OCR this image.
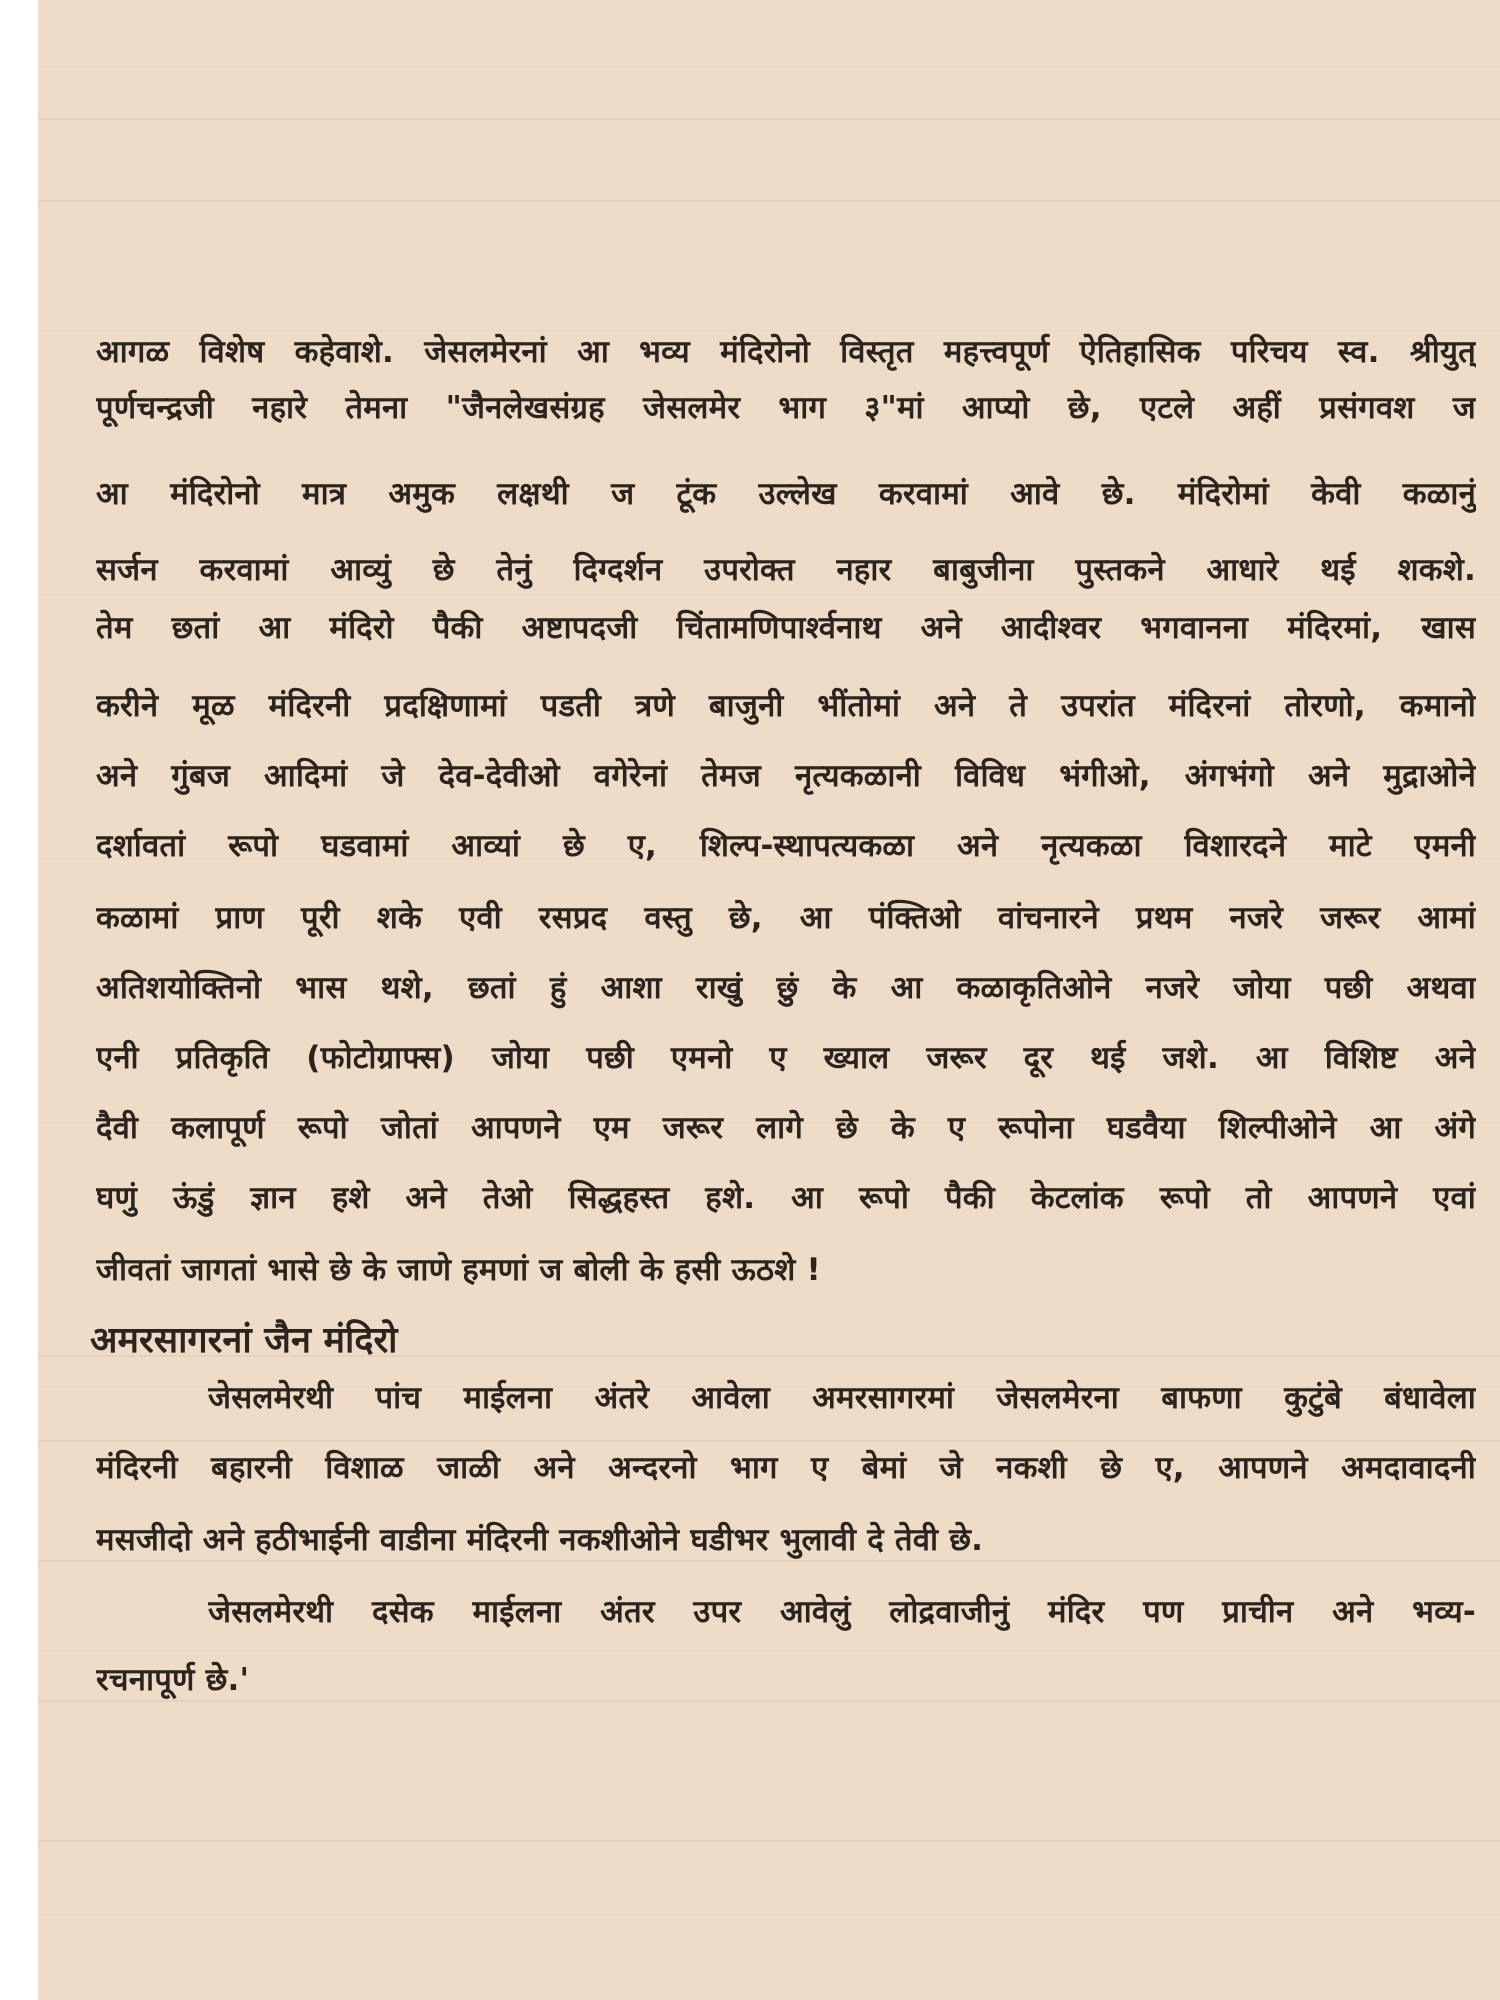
आगळ विशेष कहेवाशे. जेसलमेरनां आ भव्य मंदिरोनो विस्तृत महत्त्वपूर्ण ऐतिहासिक परिचय स्व. श्रीयुत्
पूर्णचन्द्रजी नहारे तेमना "जैनलेखसंग्रह जेसलमेर भाग ३"मां आप्यो छे, एटले अहीं प्रसंगवश ज
आ मंदिरोनो मात्र अमुक लक्षथी ज टूंक उल्लेख करवामां आवे छे. मंदिरोमां केवी कळानुं
सर्जन करवामां आव्युं छे तेनुं दिग्दर्शन उपरोक्त नहार बाबुजीना पुस्तकने आधारे थई शकशे.
तेम छतां आ मंदिरो पैकी अष्टापदजी चिंतामणिपार्श्वनाथ अने आदीश्वर भगवानना मंदिरमां, खास
करीने मूळ मंदिरनी प्रदक्षिणामां पडती त्रणे बाजुनी भींतोमां अने ते उपरांत मंदिरनां तोरणो, कमानो
अने गुंबज आदिमां जे देव-देवीओ वगेरेनां तेमज नृत्यकळानी विविध भंगीओ, अंगभंगो अने मुद्राओने
दर्शावतां रूपो घडवामां आव्यां छे ए, शिल्प-स्थापत्यकळा अने नृत्यकळा विशारदने माटे एमनी
कळामां प्राण पूरी शके एवी रसप्रद वस्तु छे, आ पंक्तिओ वांचनारने प्रथम नजरे जरूर आमां
अतिशयोक्तिनो भास थशे, छतां हुं आशा राखुं छुं के आ कळाकृतिओने नजरे जोया पछी अथवा
एनी प्रतिकृति (फोटोग्राफ्स) जोया पछी एमनो ए ख्याल जरूर दूर थई जशे. आ विशिष्ट अने
दैवी कलापूर्ण रूपो जोतां आपणने एम जरूर लागे छे के ए रूपोना घडवैया शिल्पीओने आ अंगे
घणुं ऊंडुं ज्ञान हशे अने तेओ सिद्धहस्त हशे. आ रूपो पैकी केटलांक रूपो तो आपणने एवां
जीवतां जागतां भासे छे के जाणे हमणां ज बोली के हसी ऊठशे !
अमरसागरनां जैन मंदिरो
जेसलमेरथी पांच माईलना अंतरे आवेला अमरसागरमां जेसलमेरना बाफणा कुटुंबे बंधावेला
मंदिरनी बहारनी विशाळ जाळी अने अन्दरनो भाग ए बेमां जे नकशी छे ए, आपणने अमदावादनी
मसजीदो अने हठीभाईनी वाडीना मंदिरनी नकशीओने घडीभर भुलावी दे तेवी छे.
जेसलमेरथी दसेक माईलना अंतर उपर आवेलुं लोद्रवाजीनुं मंदिर पण प्राचीन अने भव्य-
रचनापूर्ण छे.'
